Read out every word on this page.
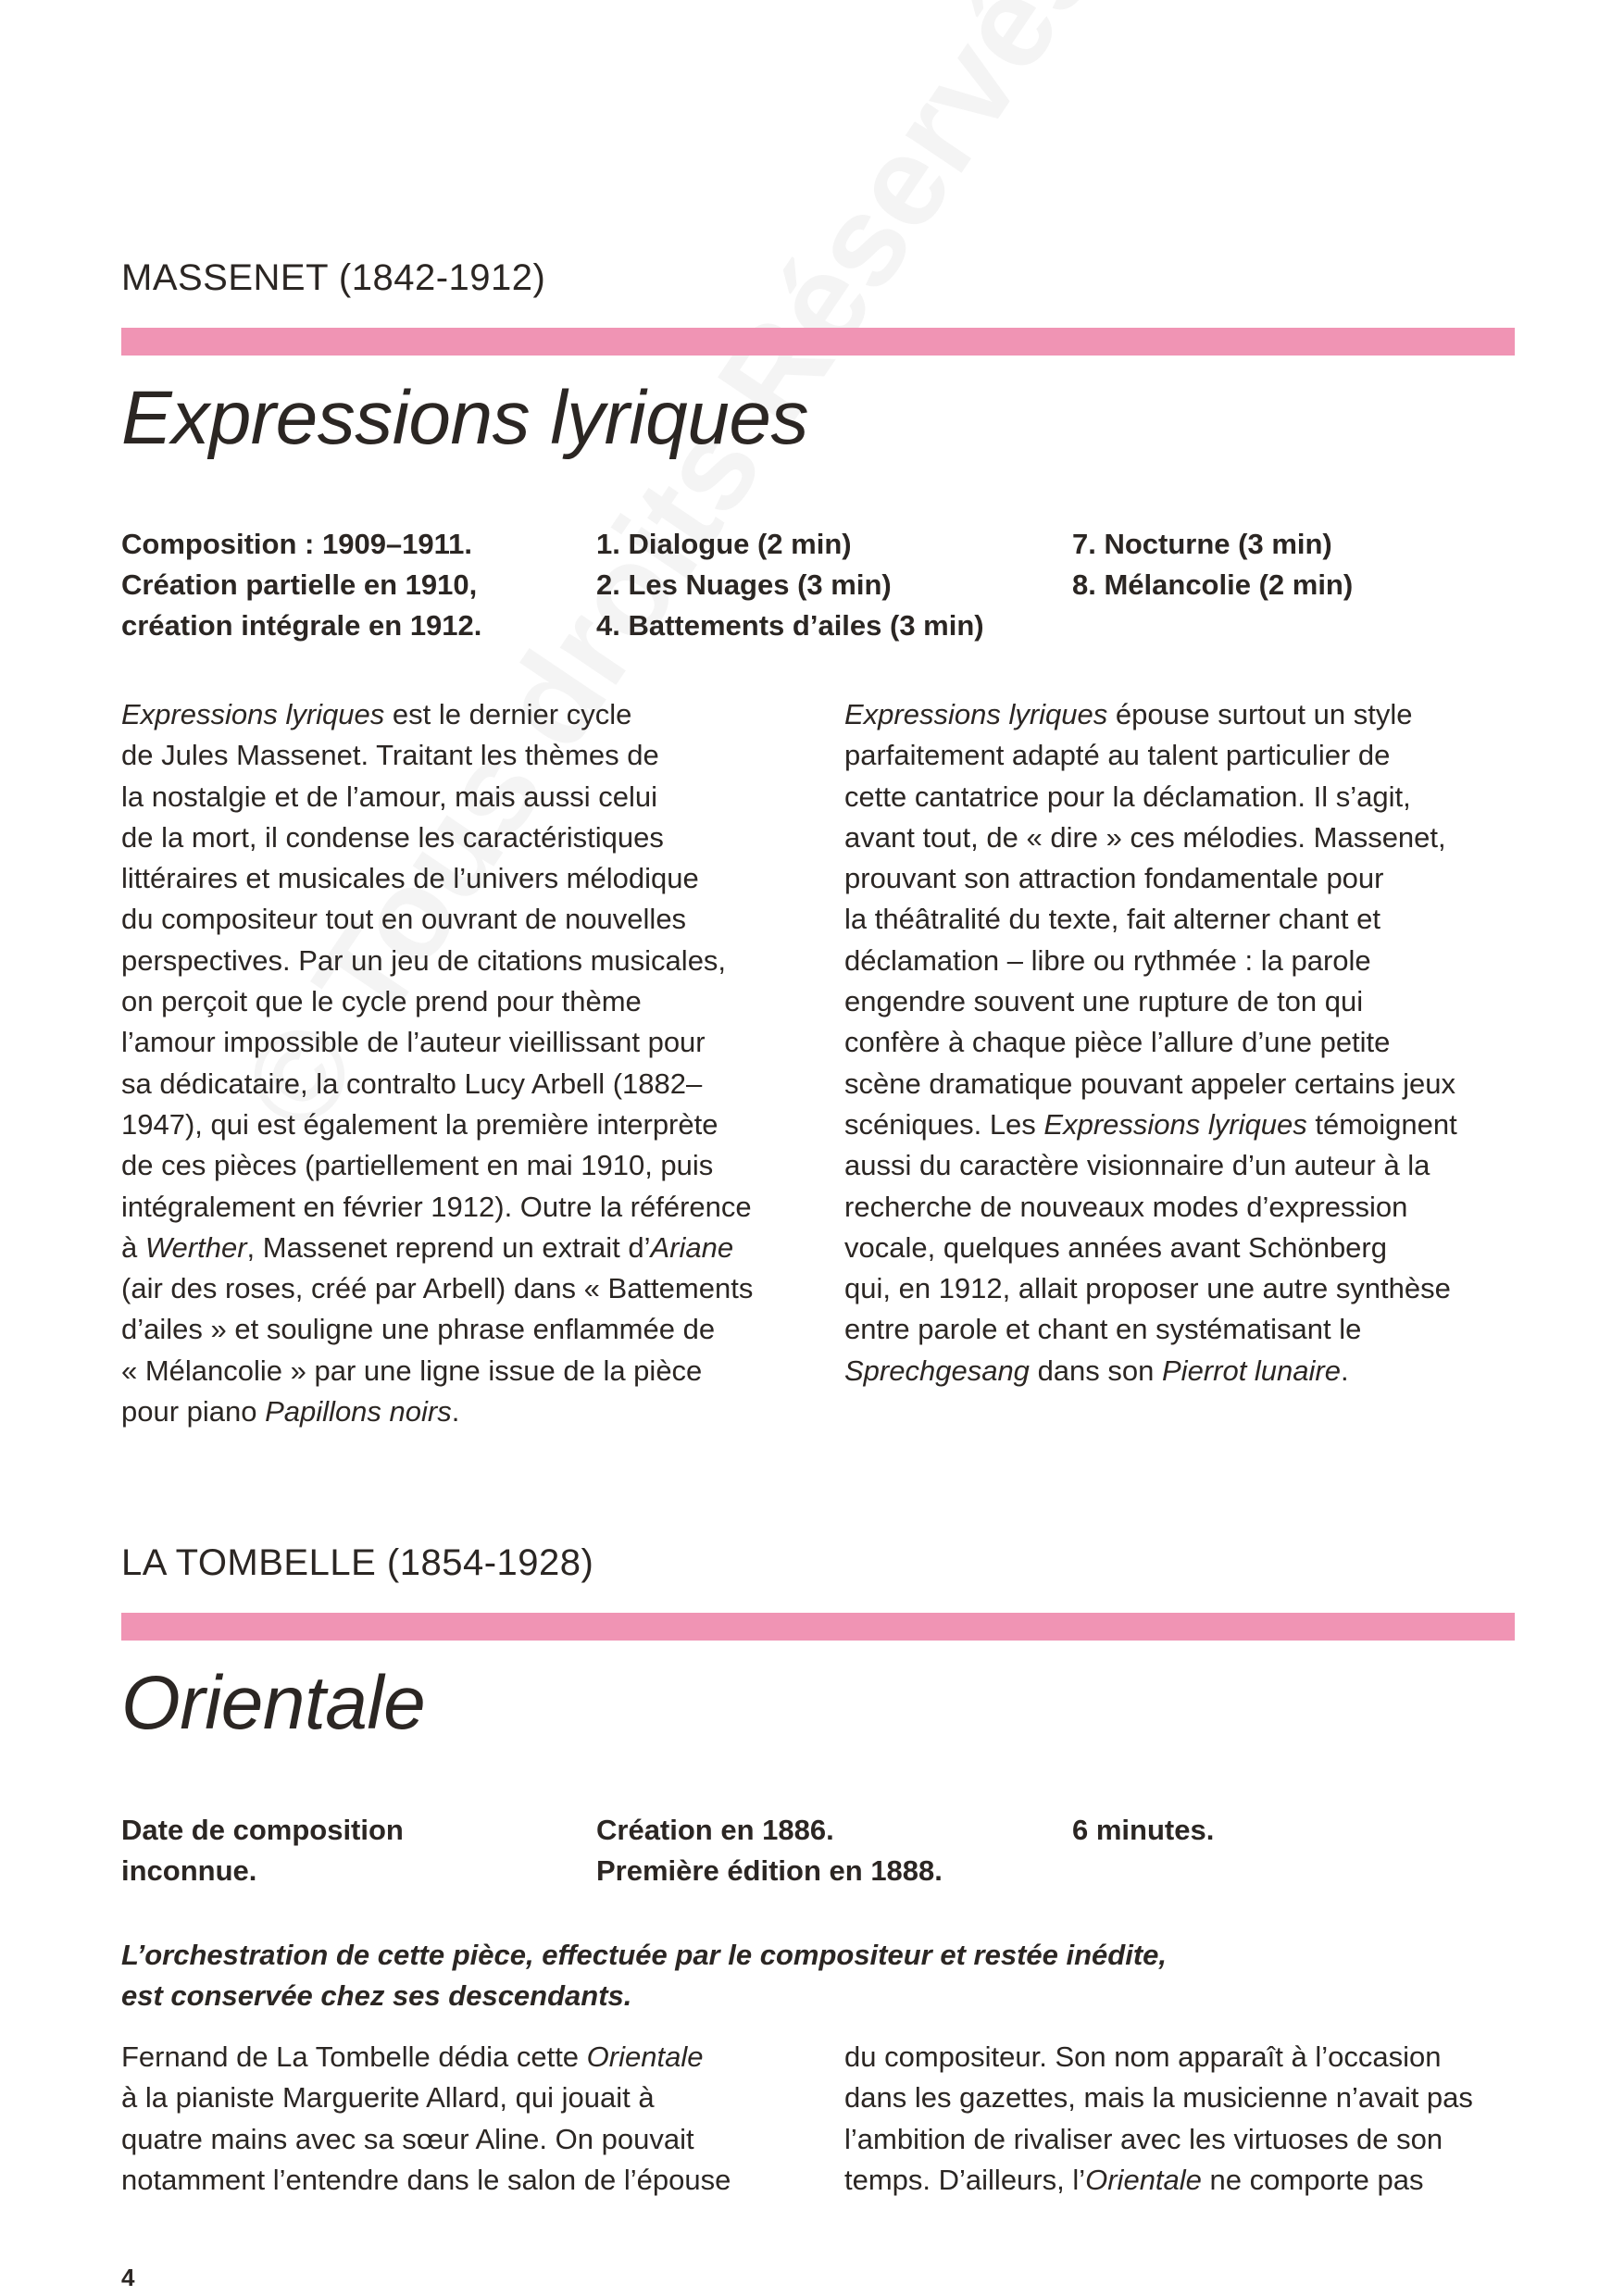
MASSENET (1842-1912)
Expressions lyriques
Composition : 1909–1911.
Création partielle en 1910,
création intégrale en 1912.
1. Dialogue (2 min)
2. Les Nuages (3 min)
4. Battements d’ailes (3 min)
7. Nocturne (3 min)
8. Mélancolie (2 min)
Expressions lyriques est le dernier cycle
de Jules Massenet. Traitant les thèmes de
la nostalgie et de l’amour, mais aussi celui
de la mort, il condense les caractéristiques
littéraires et musicales de l’univers mélodique
du compositeur tout en ouvrant de nouvelles
perspectives. Par un jeu de citations musicales,
on perçoit que le cycle prend pour thème
l’amour impossible de l’auteur vieillissant pour
sa dédicataire, la contralto Lucy Arbell (1882–
1947), qui est également la première interprète
de ces pièces (partiellement en mai 1910, puis
intégralement en février 1912). Outre la référence
à Werther, Massenet reprend un extrait d’Ariane
(air des roses, créé par Arbell) dans « Battements
d’ailes » et souligne une phrase enflammée de
« Mélancolie » par une ligne issue de la pièce
pour piano Papillons noirs.
Expressions lyriques épouse surtout un style
parfaitement adapté au talent particulier de
cette cantatrice pour la déclamation. Il s’agit,
avant tout, de « dire » ces mélodies. Massenet,
prouvant son attraction fondamentale pour
la théâtralité du texte, fait alterner chant et
déclamation – libre ou rythmée : la parole
engendre souvent une rupture de ton qui
confère à chaque pièce l’allure d’une petite
scène dramatique pouvant appeler certains jeux
scéniques. Les Expressions lyriques témoignent
aussi du caractère visionnaire d’un auteur à la
recherche de nouveaux modes d’expression
vocale, quelques années avant Schönberg
qui, en 1912, allait proposer une autre synthèse
entre parole et chant en systématisant le
Sprechgesang dans son Pierrot lunaire.
LA TOMBELLE (1854-1928)
Orientale
Date de composition
inconnue.
Création en 1886.
Première édition en 1888.
6 minutes.
L’orchestration de cette pièce, effectuée par le compositeur et restée inédite,
est conservée chez ses descendants.
Fernand de La Tombelle dédia cette Orientale
à la pianiste Marguerite Allard, qui jouait à
quatre mains avec sa sœur Aline. On pouvait
notamment l’entendre dans le salon de l’épouse
du compositeur. Son nom apparaît à l’occasion
dans les gazettes, mais la musicienne n’avait pas
l’ambition de rivaliser avec les virtuoses de son
temps. D’ailleurs, l’Orientale ne comporte pas
4
